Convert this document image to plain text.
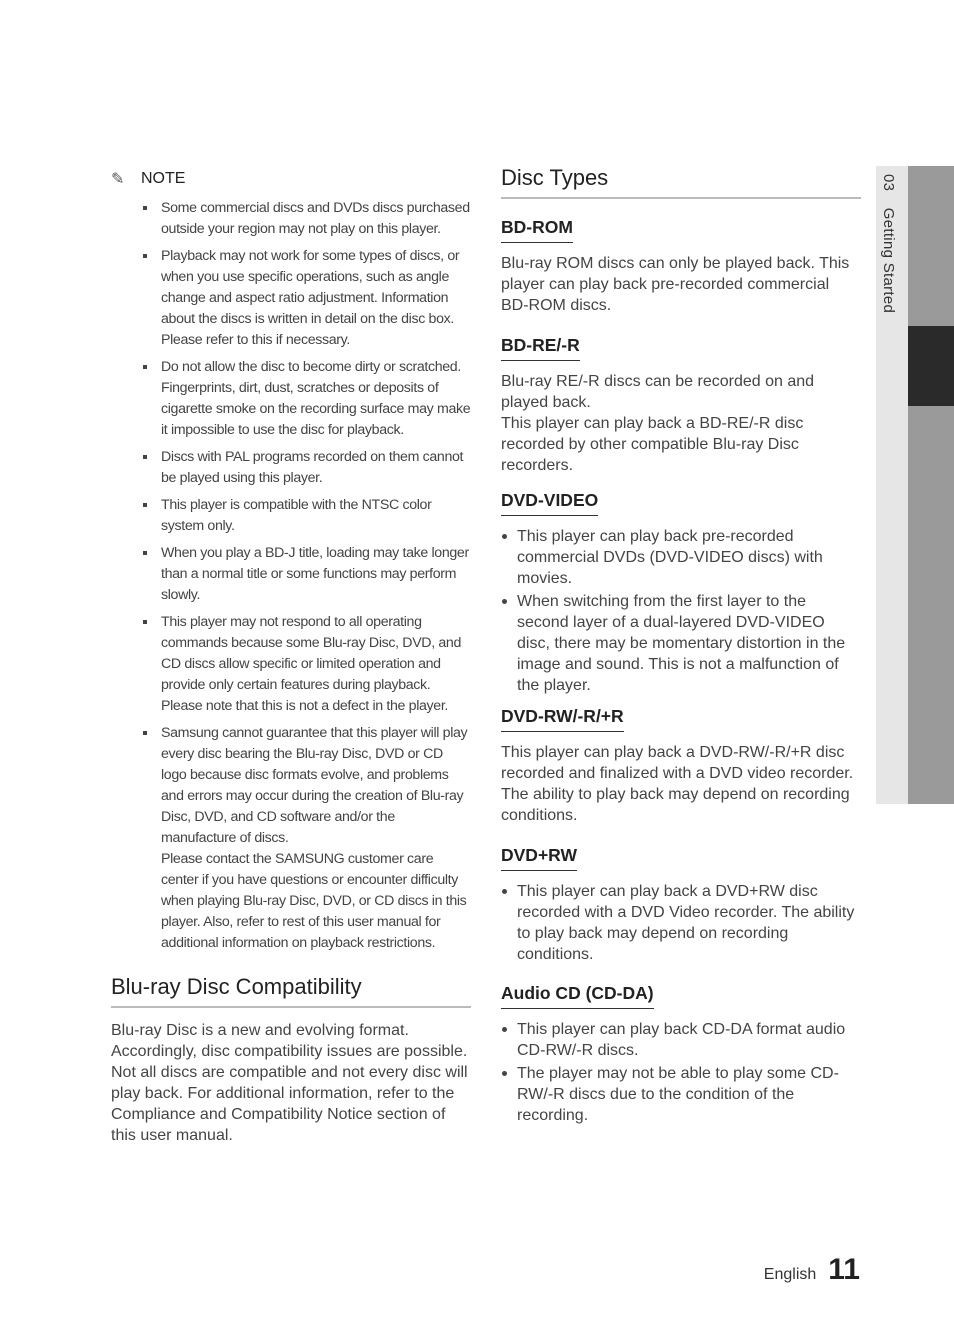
03 Getting Started
✎	NOTE
Some commercial discs and DVDs discs purchased outside your region may not play on this player.
Playback may not work for some types of discs, or when you use specific operations, such as angle change and aspect ratio adjustment. Information about the discs is written in detail on the disc box. Please refer to this if necessary.
Do not allow the disc to become dirty or scratched. Fingerprints, dirt, dust, scratches or deposits of cigarette smoke on the recording surface may make it impossible to use the disc for playback.
Discs with PAL programs recorded on them cannot be played using this player.
This player is compatible with the NTSC color system only.
When you play a BD-J title, loading may take longer than a normal title or some functions may perform slowly.
This player may not respond to all operating commands because some Blu-ray Disc, DVD, and CD discs allow specific or limited operation and provide only certain features during playback. Please note that this is not a defect in the player.
Samsung cannot guarantee that this player will play every disc bearing the Blu-ray Disc, DVD or CD logo because disc formats evolve, and problems and errors may occur during the creation of Blu-ray Disc, DVD, and CD software and/or the manufacture of discs.
Please contact the SAMSUNG customer care center if you have questions or encounter difficulty when playing Blu-ray Disc, DVD, or CD discs in this player. Also, refer to rest of this user manual for additional information on playback restrictions.
Blu-ray Disc Compatibility

Blu-ray Disc is a new and evolving format. Accordingly, disc compatibility issues are possible. Not all discs are compatible and not every disc will play back. For additional information, refer to the Compliance and Compatibility Notice section of this user manual.

Disc Types
BD-ROM

Blu-ray ROM discs can only be played back. This player can play back pre-recorded commercial BD-ROM discs.

BD-RE/-R

Blu-ray RE/-R discs can be recorded on and played back.

This player can play back a BD-RE/-R disc recorded by other compatible Blu-ray Disc recorders.

DVD-VIDEO
This player can play back pre-recorded commercial DVDs (DVD-VIDEO discs) with movies.
When switching from the first layer to the second layer of a dual-layered DVD-VIDEO disc, there may be momentary distortion in the image and sound. This is not a malfunction of the player.
DVD-RW/-R/+R

This player can play back a DVD-RW/-R/+R disc recorded and finalized with a DVD video recorder. The ability to play back may depend on recording conditions.

DVD+RW
This player can play back a DVD+RW disc recorded with a DVD Video recorder. The ability to play back may depend on recording conditions.
Audio CD (CD-DA)
This player can play back CD-DA format audio CD-RW/-R discs.
The player may not be able to play some CD-RW/-R discs due to the condition of the recording.
English 11
